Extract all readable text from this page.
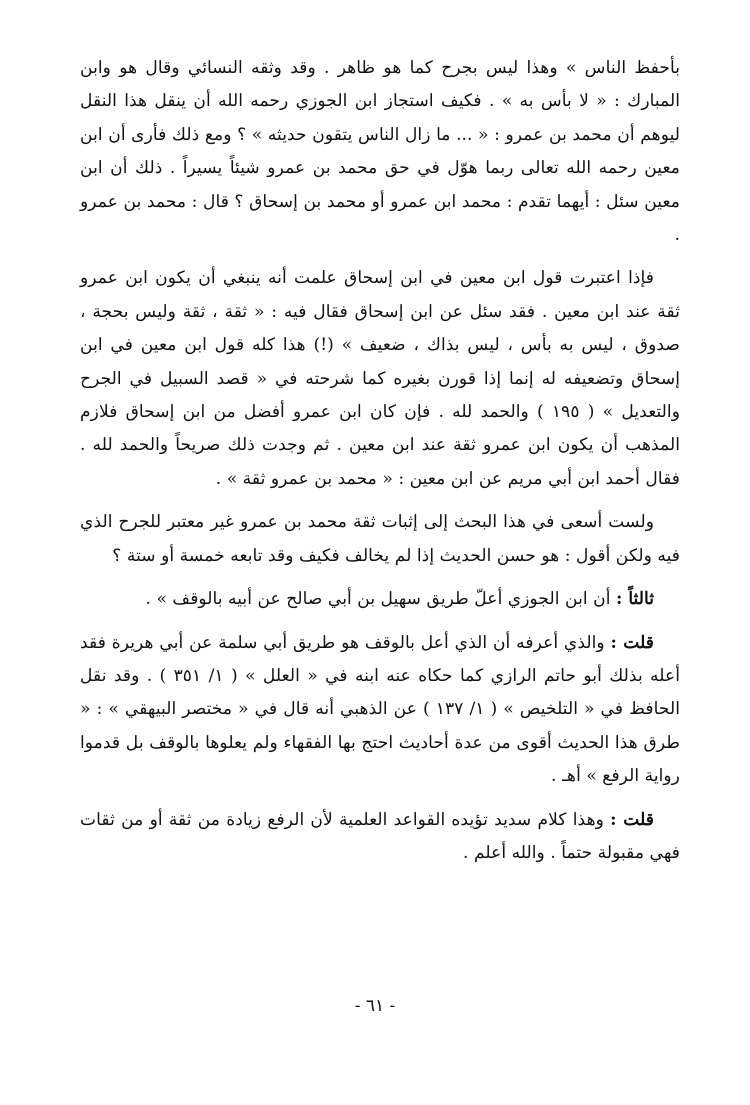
بأحفظ الناس » وهذا ليس بجرح كما هو ظاهر . وقد وثقه النسائي وقال هو وابن المبارك : « لا بأس به » . فكيف استجاز ابن الجوزي رحمه الله أن ينقل هذا النقل ليوهم أن محمد بن عمرو : « ... ما زال الناس يتقون حديثه » ؟ ومع ذلك فأرى أن ابن معين رحمه الله تعالى ربما هوّل في حق محمد بن عمرو شيئاً يسيراً . ذلك أن ابن معين سئل : أيهما تقدم : محمد ابن عمرو أو محمد بن إسحاق ؟ قال : محمد بن عمرو .

فإذا اعتبرت قول ابن معين في ابن إسحاق علمت أنه ينبغي أن يكون ابن عمرو ثقة عند ابن معين . فقد سئل عن ابن إسحاق فقال فيه : « ثقة ، ثقة وليس بحجة ، صدوق ، ليس به بأس ، ليس بذاك ، ضعيف » (!) هذا كله قول ابن معين في ابن إسحاق وتضعيفه له إنما إذا قورن بغيره كما شرحته في « قصد السبيل في الجرح والتعديل » ( ١٩٥ ) والحمد لله . فإن كان ابن عمرو أفضل من ابن إسحاق فلازم المذهب أن يكون ابن عمرو ثقة عند ابن معين . ثم وجدت ذلك صريحاً والحمد لله . فقال أحمد ابن أبي مريم عن ابن معين : « محمد بن عمرو ثقة » .

ولست أسعى في هذا البحث إلى إثبات ثقة محمد بن عمرو غير معتبر للجرح الذي فيه ولكن أقول : هو حسن الحديث إذا لم يخالف فكيف وقد تابعه خمسة أو ستة ؟

ثالثاً : أن ابن الجوزي أعلّ طريق سهيل بن أبي صالح عن أبيه بالوقف » .

قلت : والذي أعرفه أن الذي أعل بالوقف هو طريق أبي سلمة عن أبي هريرة فقد أعله بذلك أبو حاتم الرازي كما حكاه عنه ابنه في « العلل » ( ١/ ٣٥١ ) . وقد نقل الحافظ في « التلخيص » ( ١/ ١٣٧ ) عن الذهبي أنه قال في « مختصر البيهقي » : « طرق هذا الحديث أقوى من عدة أحاديث احتج بها الفقهاء ولم يعلوها بالوقف بل قدموا رواية الرفع » أهـ .

قلت : وهذا كلام سديد تؤيده القواعد العلمية لأن الرفع زيادة من ثقة أو من ثقات فهي مقبولة حتماً . والله أعلم .

- ٦١ -
